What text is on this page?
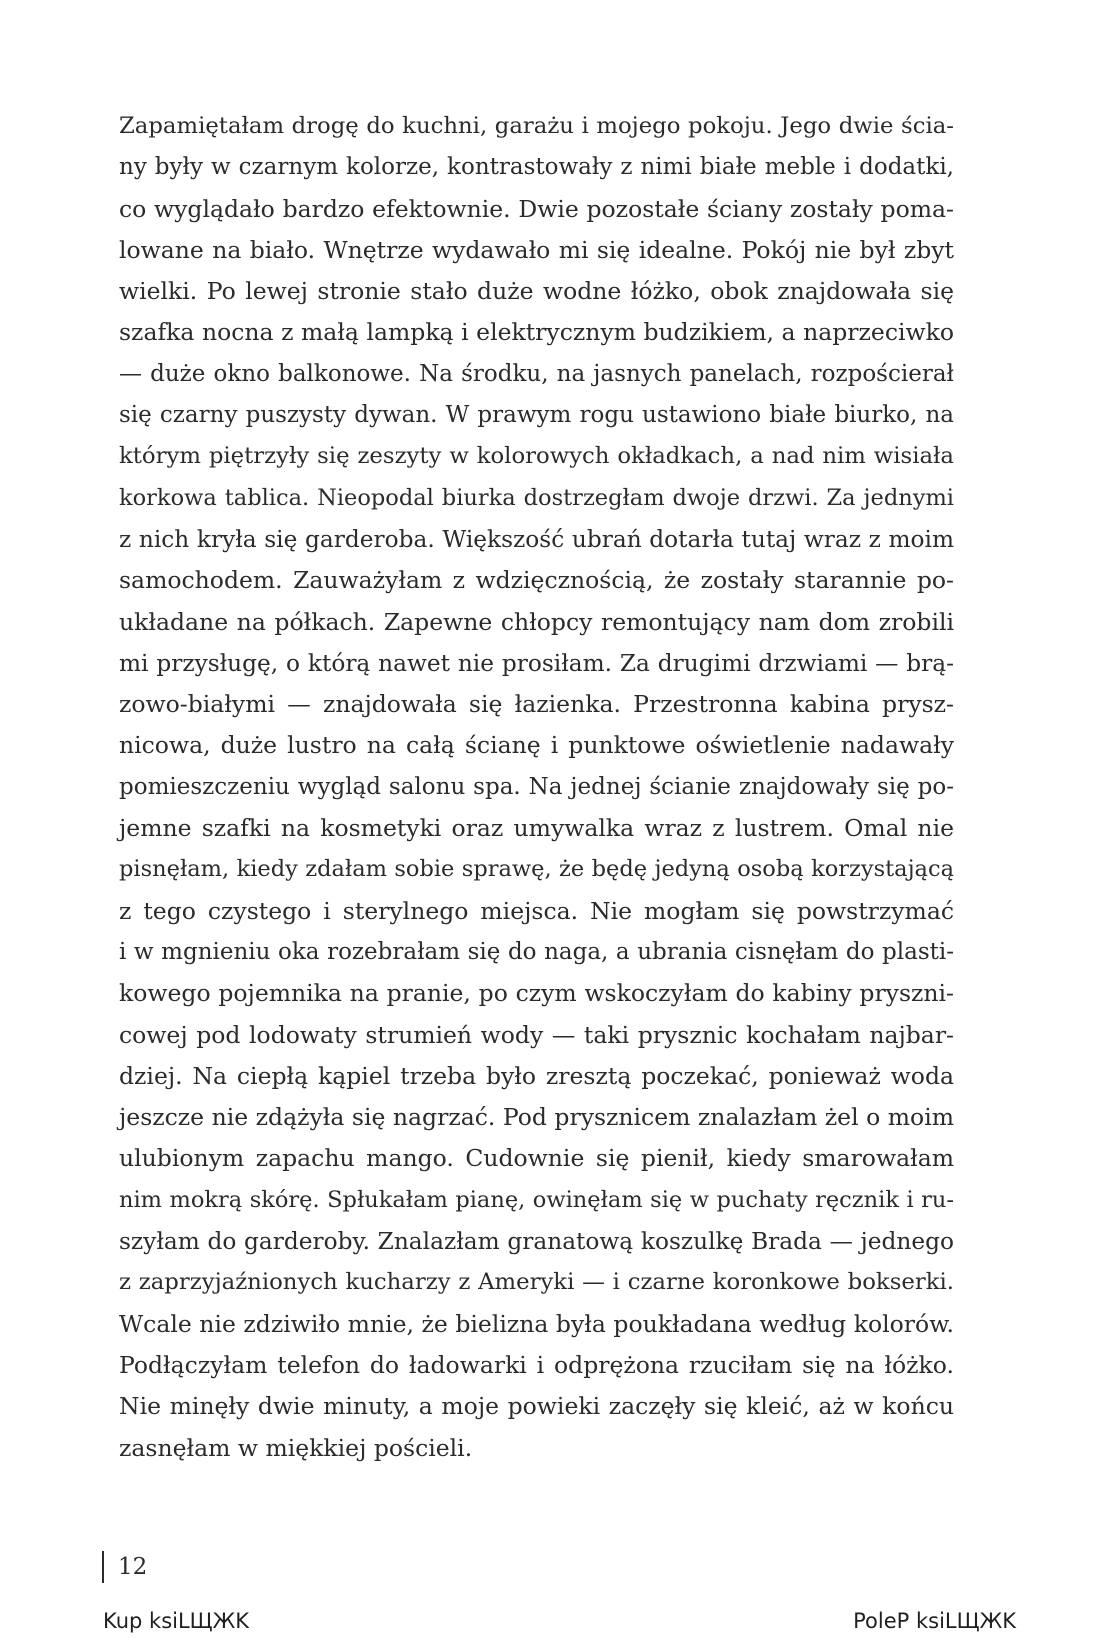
Zapamiętałam drogę do kuchni, garażu i mojego pokoju. Jego dwie ścia-
ny były w czarnym kolorze, kontrastowały z nimi białe meble i dodatki,
co wyglądało bardzo efektownie. Dwie pozostałe ściany zostały poma-
lowane na biało. Wnętrze wydawało mi się idealne. Pokój nie był zbyt
wielki. Po lewej stronie stało duże wodne łóżko, obok znajdowała się
szafka nocna z małą lampką i elektrycznym budzikiem, a naprzeciwko
— duże okno balkonowe. Na środku, na jasnych panelach, rozpościerał
się czarny puszysty dywan. W prawym rogu ustawiono białe biurko, na
którym piętrzyły się zeszyty w kolorowych okładkach, a nad nim wisiała
korkowa tablica. Nieopodal biurka dostrzegłam dwoje drzwi. Za jednymi
z nich kryła się garderoba. Większość ubrań dotarła tutaj wraz z moim
samochodem. Zauważyłam z wdzięcznością, że zostały starannie po-
układane na półkach. Zapewne chłopcy remontujący nam dom zrobili
mi przysługę, o którą nawet nie prosiłam. Za drugimi drzwiami — brą-
zowo-białymi — znajdowała się łazienka. Przestronna kabina prysz-
nicowa, duże lustro na całą ścianę i punktowe oświetlenie nadawały
pomieszczeniu wygląd salonu spa. Na jednej ścianie znajdowały się po-
jemne szafki na kosmetyki oraz umywalka wraz z lustrem. Omal nie
pisnęłam, kiedy zdałam sobie sprawę, że będę jedyną osobą korzystającą
z tego czystego i sterylnego miejsca. Nie mogłam się powstrzymać
i w mgnieniu oka rozebrałam się do naga, a ubrania cisnęłam do plasti-
kowego pojemnika na pranie, po czym wskoczyłam do kabiny pryszni-
cowej pod lodowaty strumień wody — taki prysznic kochałam najbar-
dziej. Na ciepłą kąpiel trzeba było zresztą poczekać, ponieważ woda
jeszcze nie zdążyła się nagrzać. Pod prysznicem znalazłam żel o moim
ulubionym zapachu mango. Cudownie się pienił, kiedy smarowałam
nim mokrą skórę. Spłukałam pianę, owinęłam się w puchaty ręcznik i ru-
szyłam do garderoby. Znalazłam granatową koszulkę Brada — jednego
z zaprzyjaźnionych kucharzy z Ameryki — i czarne koronkowe bokserki.
Wcale nie zdziwiło mnie, że bielizna była poukładana według kolorów.
Podłączyłam telefon do ładowarki i odprężona rzuciłam się na łóżko.
Nie minęły dwie minuty, a moje powieki zaczęły się kleić, aż w końcu
zasnęłam w miękkiej pościeli.
12
Kup ksiLЩЖK	PoleP ksiLЩЖK
